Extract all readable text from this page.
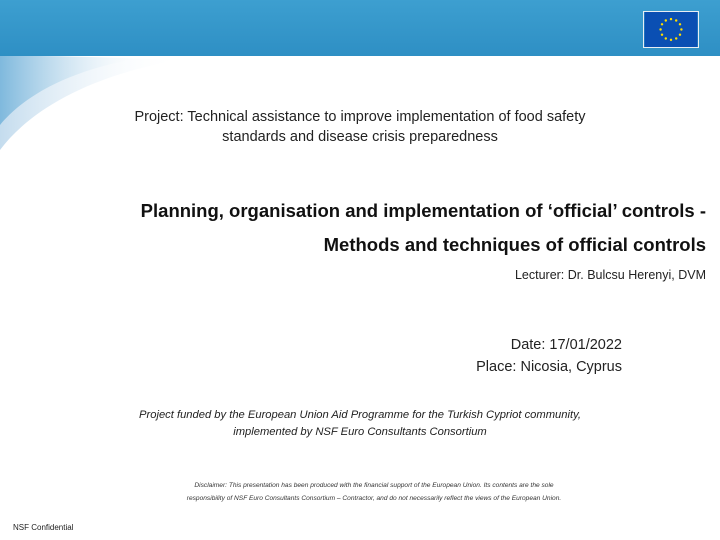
Project: Technical assistance to improve implementation of food safety
standards and disease crisis preparedness
Planning, organisation and implementation of ‘official’ controls -
Methods and techniques of official controls
Lecturer: Dr. Bulcsu Herenyi, DVM
Date: 17/01/2022
Place: Nicosia, Cyprus
Project funded by the European Union Aid Programme for the Turkish Cypriot community,
implemented by NSF Euro Consultants Consortium
Disclaimer: This presentation has been produced with the financial support of the European Union. Its contents are the sole
responsibility of NSF Euro Consultants Consortium – Contractor, and do not necessarily reflect the views of the European Union.
NSF Confidential
